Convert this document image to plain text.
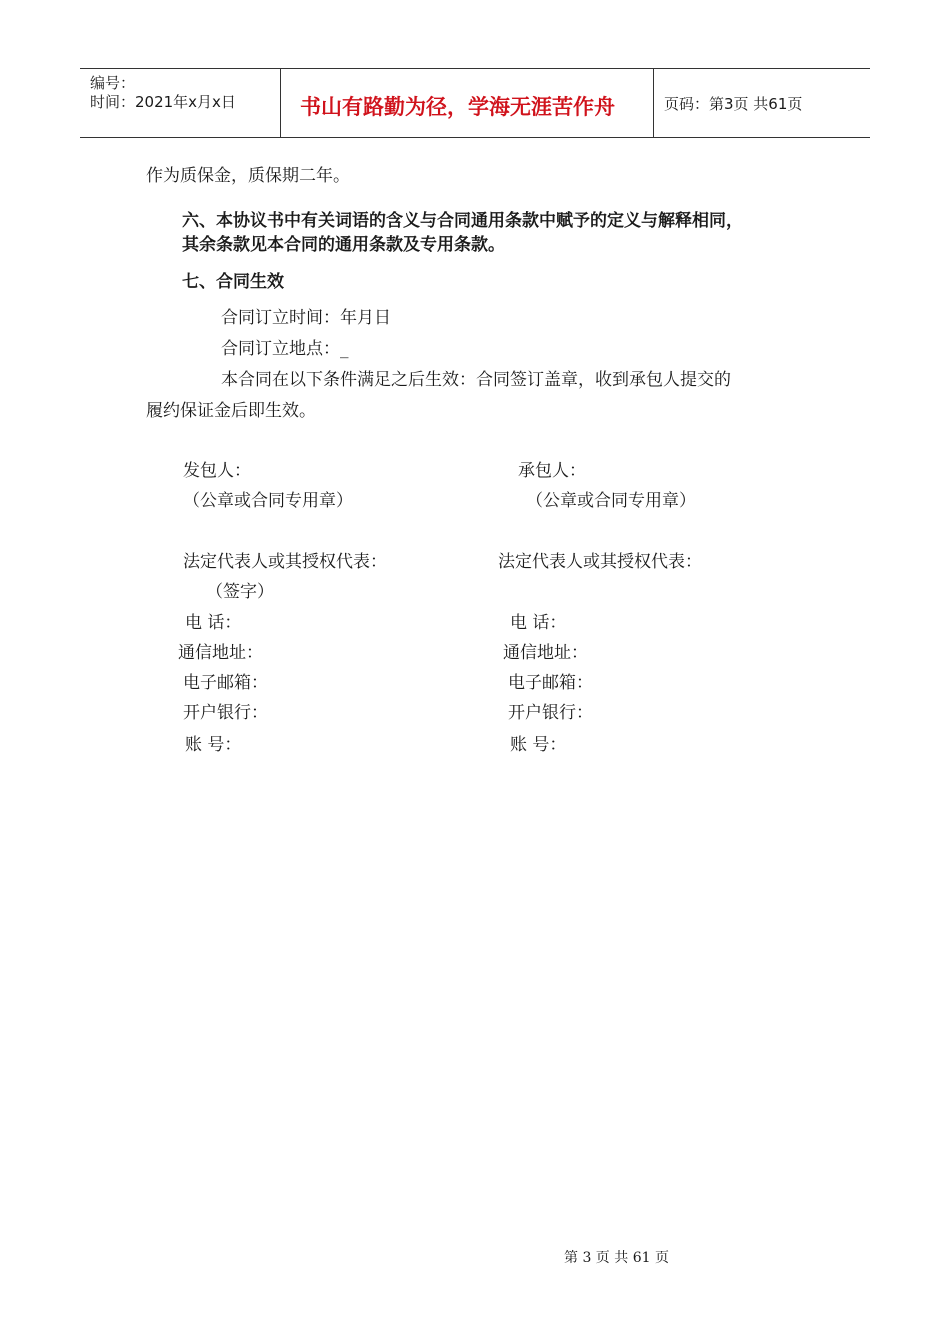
编号：
时间：2021年x月x日	书山有路勤为径，学海无涯苦作舟	页码：第3页 共61页
作为质保金，质保期二年。
六、本协议书中有关词语的含义与合同通用条款中赋予的定义与解释相同，
其余条款见本合同的通用条款及专用条款。
七、合同生效
合同订立时间：年月日
合同订立地点：_
本合同在以下条件满足之后生效：合同签订盖章，收到承包人提交的
履约保证金后即生效。
发包人：
（公章或合同专用章）
法定代表人或其授权代表：
（签字）
电 话：
通信地址：
电子邮箱：
开户银行：
账 号：
承包人：
（公章或合同专用章）
法定代表人或其授权代表：
电 话：
通信地址：
电子邮箱：
开户银行：
账 号：
第 3 页 共 61 页
